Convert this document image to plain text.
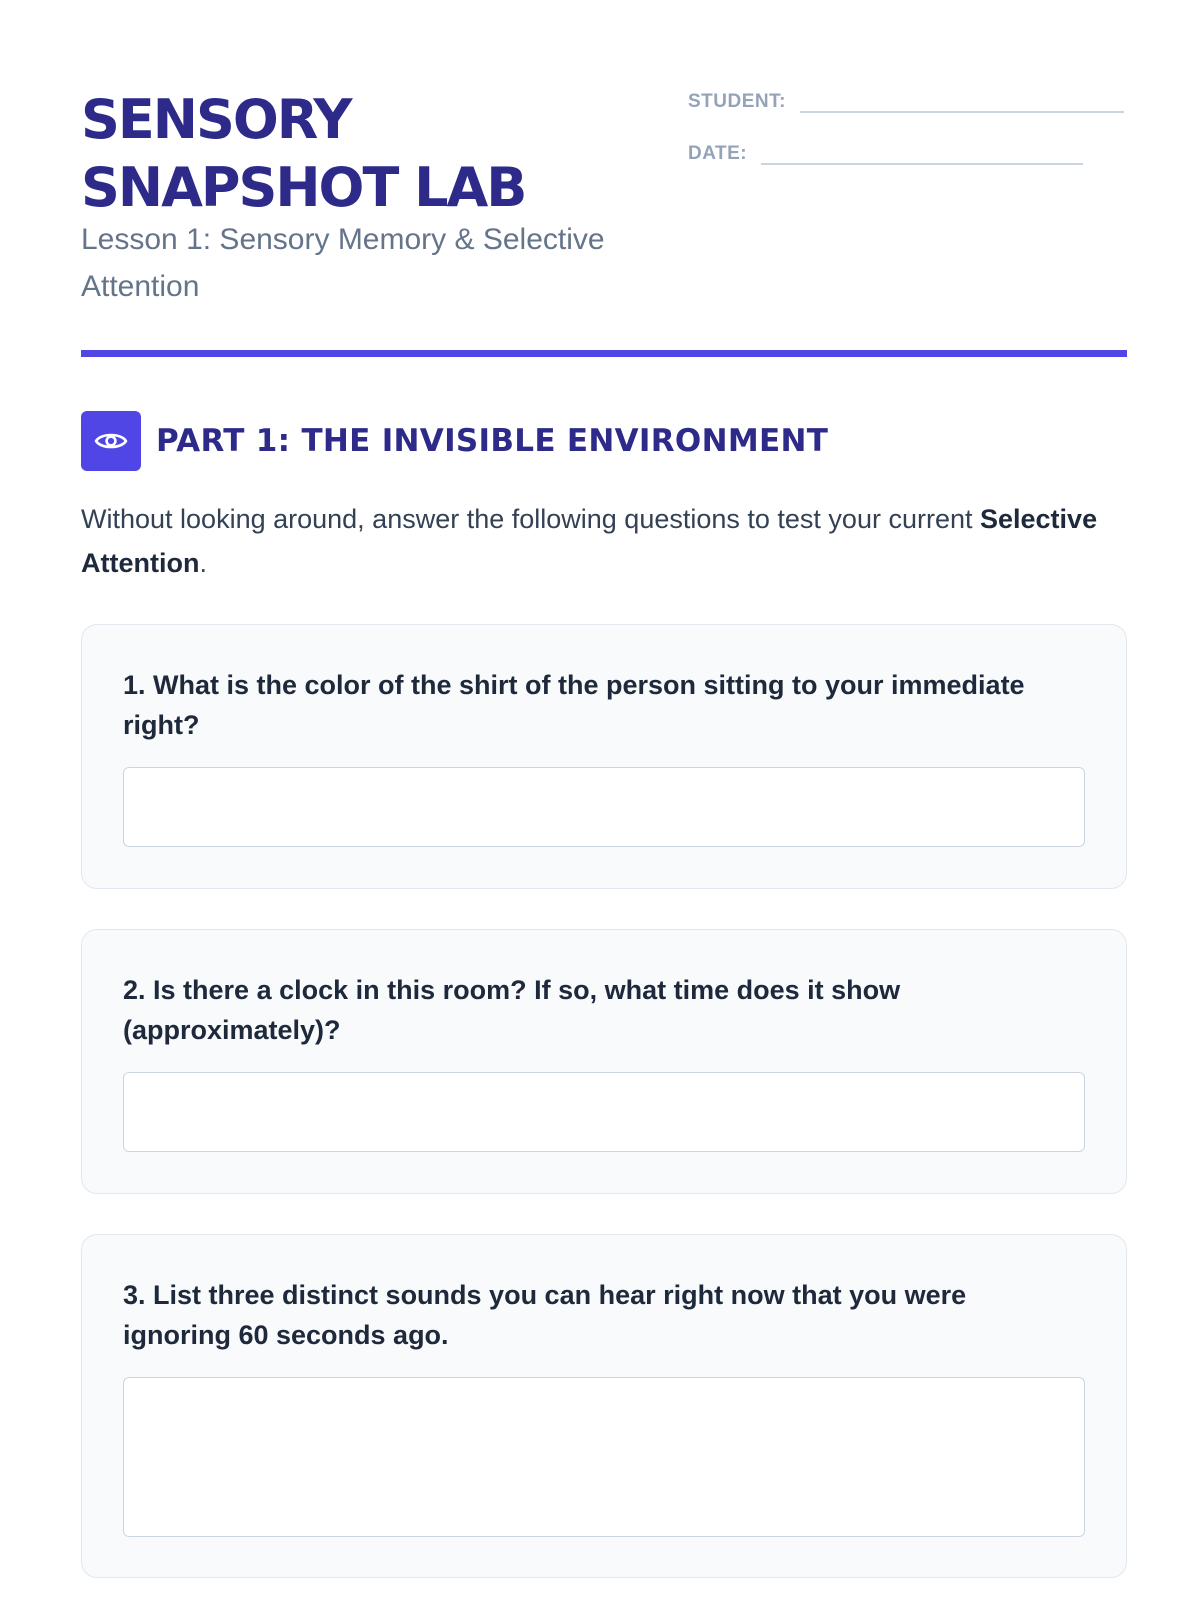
SENSORY
SNAPSHOT LAB

Lesson 1: Sensory Memory & Selective Attention

STUDENT:
DATE:
PART 1: THE INVISIBLE ENVIRONMENT

Without looking around, answer the following questions to test your current Selective Attention.

1. What is the color of the shirt of the person sitting to your immediate right?

2. Is there a clock in this room? If so, what time does it show (approximately)?

3. List three distinct sounds you can hear right now that you were ignoring 60 seconds ago.
